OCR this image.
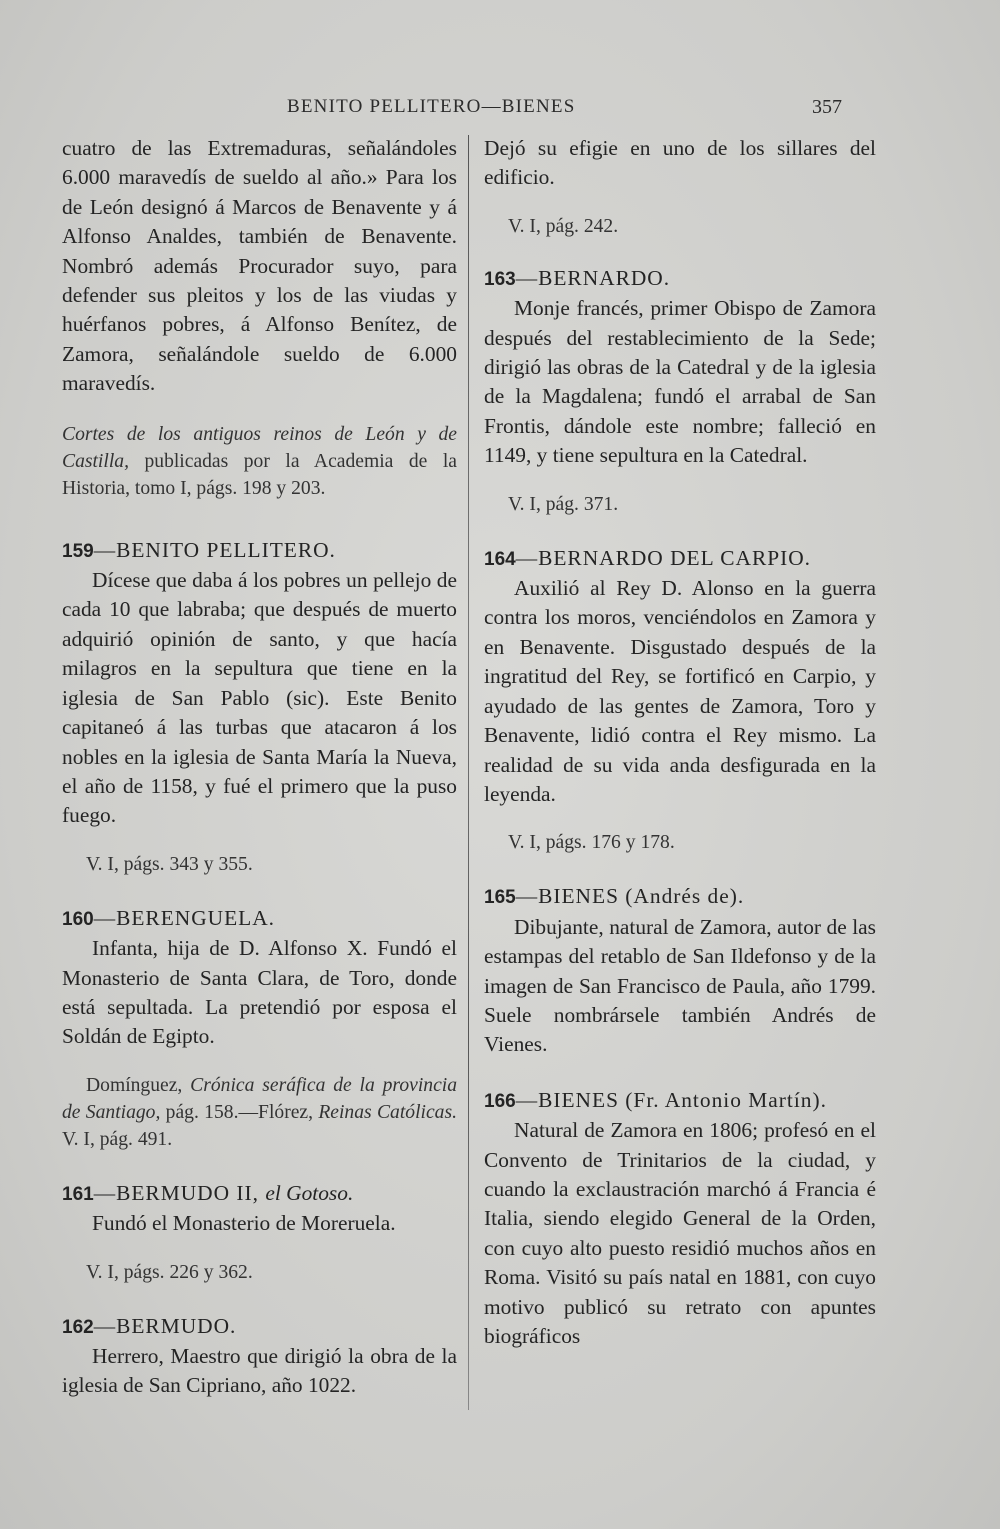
BENITO PELLITERO—BIENES	357

cuatro de las Extremaduras, señalándoles 6.000 maravedís de sueldo al año.» Para los de León designó á Marcos de Benavente y á Alfonso Analdes, también de Benavente. Nombró además Procurador suyo, para defender sus pleitos y los de las viudas y huérfanos pobres, á Alfonso Benítez, de Zamora, señalándole sueldo de 6.000 maravedís.

Cortes de los antiguos reinos de León y de Castilla, publicadas por la Academia de la Historia, tomo I, págs. 198 y 203.

159—BENITO PELLITERO.

Dícese que daba á los pobres un pellejo de cada 10 que labraba; que después de muerto adquirió opinión de santo, y que hacía milagros en la sepultura que tiene en la iglesia de San Pablo (sic). Este Benito capitaneó á las turbas que atacaron á los nobles en la iglesia de Santa María la Nueva, el año de 1158, y fué el primero que la puso fuego.

V. I, págs. 343 y 355.

160—BERENGUELA.

Infanta, hija de D. Alfonso X. Fundó el Monasterio de Santa Clara, de Toro, donde está sepultada. La pretendió por esposa el Soldán de Egipto.

Domínguez, Crónica seráfica de la provincia de Santiago, pág. 158.—Flórez, Reinas Católicas. V. I, pág. 491.

161—BERMUDO II, el Gotoso.

Fundó el Monasterio de Moreruela.

V. I, págs. 226 y 362.

162—BERMUDO.

Herrero, Maestro que dirigió la obra de la iglesia de San Cipriano, año 1022.

Dejó su efigie en uno de los sillares del edificio.

V. I, pág. 242.

163—BERNARDO.

Monje francés, primer Obispo de Zamora después del restablecimiento de la Sede; dirigió las obras de la Catedral y de la iglesia de la Magdalena; fundó el arrabal de San Frontis, dándole este nombre; falleció en 1149, y tiene sepultura en la Catedral.

V. I, pág. 371.

164—BERNARDO DEL CARPIO.

Auxilió al Rey D. Alonso en la guerra contra los moros, venciéndolos en Zamora y en Benavente. Disgustado después de la ingratitud del Rey, se fortificó en Carpio, y ayudado de las gentes de Zamora, Toro y Benavente, lidió contra el Rey mismo. La realidad de su vida anda desfigurada en la leyenda.

V. I, págs. 176 y 178.

165—BIENES (Andrés de).

Dibujante, natural de Zamora, autor de las estampas del retablo de San Ildefonso y de la imagen de San Francisco de Paula, año 1799. Suele nombrársele también Andrés de Vienes.

166—BIENES (Fr. Antonio Martín).

Natural de Zamora en 1806; profesó en el Convento de Trinitarios de la ciudad, y cuando la exclaustración marchó á Francia é Italia, siendo elegido General de la Orden, con cuyo alto puesto residió muchos años en Roma. Visitó su país natal en 1881, con cuyo motivo publicó su retrato con apuntes biográficos
